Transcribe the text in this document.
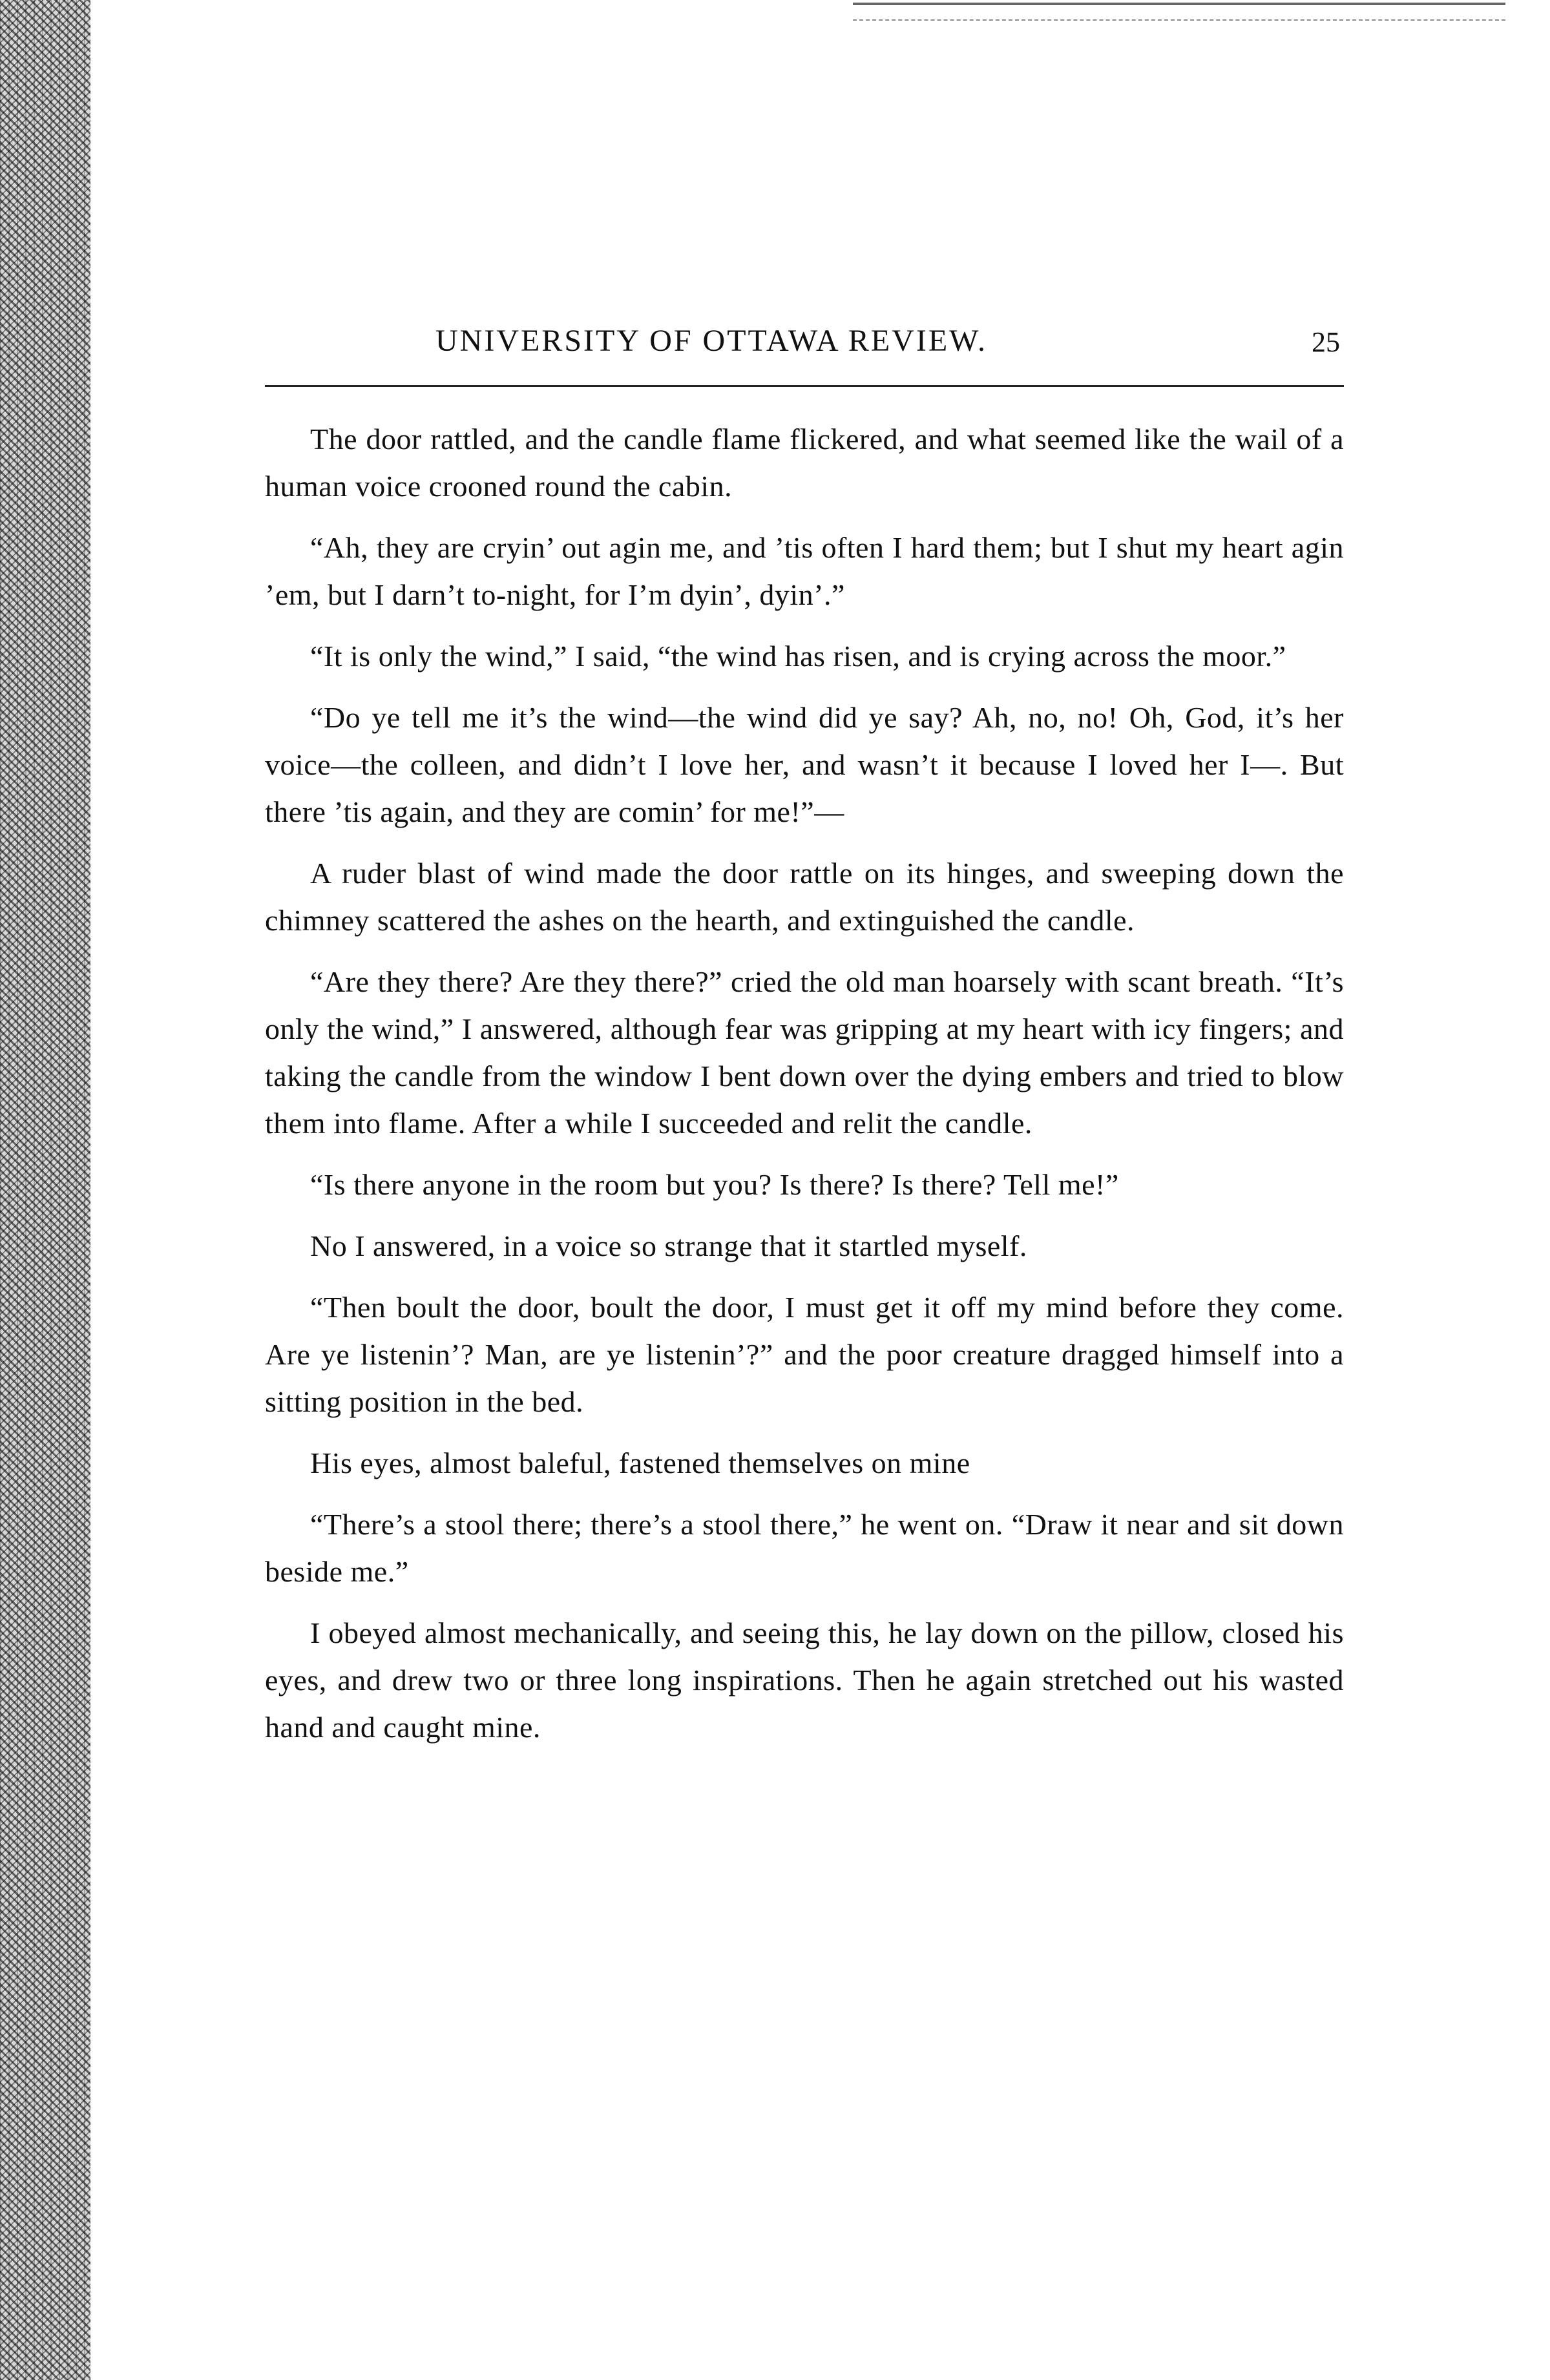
UNIVERSITY OF OTTAWA REVIEW.	25

The door rattled, and the candle flame flickered, and what seemed like the wail of a human voice crooned round the cabin.

“Ah, they are cryin’ out agin me, and ’tis often I hard them; but I shut my heart agin ’em, but I darn’t to-night, for I’m dyin’, dyin’.”

“It is only the wind,” I said, “the wind has risen, and is crying across the moor.”

“Do ye tell me it’s the wind—the wind did ye say? Ah, no, no! Oh, God, it’s her voice—the colleen, and didn’t I love her, and wasn’t it because I loved her I—. But there ’tis again, and they are comin’ for me!”—

A ruder blast of wind made the door rattle on its hinges, and sweeping down the chimney scattered the ashes on the hearth, and extinguished the candle.

“Are they there? Are they there?” cried the old man hoarsely with scant breath. “It’s only the wind,” I answered, although fear was gripping at my heart with icy fingers; and taking the candle from the window I bent down over the dying embers and tried to blow them into flame. After a while I succeeded and relit the candle.

“Is there anyone in the room but you? Is there? Is there? Tell me!”

No I answered, in a voice so strange that it startled myself.

“Then boult the door, boult the door, I must get it off my mind before they come. Are ye listenin’? Man, are ye listenin’?” and the poor creature dragged himself into a sitting position in the bed.

His eyes, almost baleful, fastened themselves on mine

“There’s a stool there; there’s a stool there,” he went on. “Draw it near and sit down beside me.”

I obeyed almost mechanically, and seeing this, he lay down on the pillow, closed his eyes, and drew two or three long inspirations. Then he again stretched out his wasted hand and caught mine.
